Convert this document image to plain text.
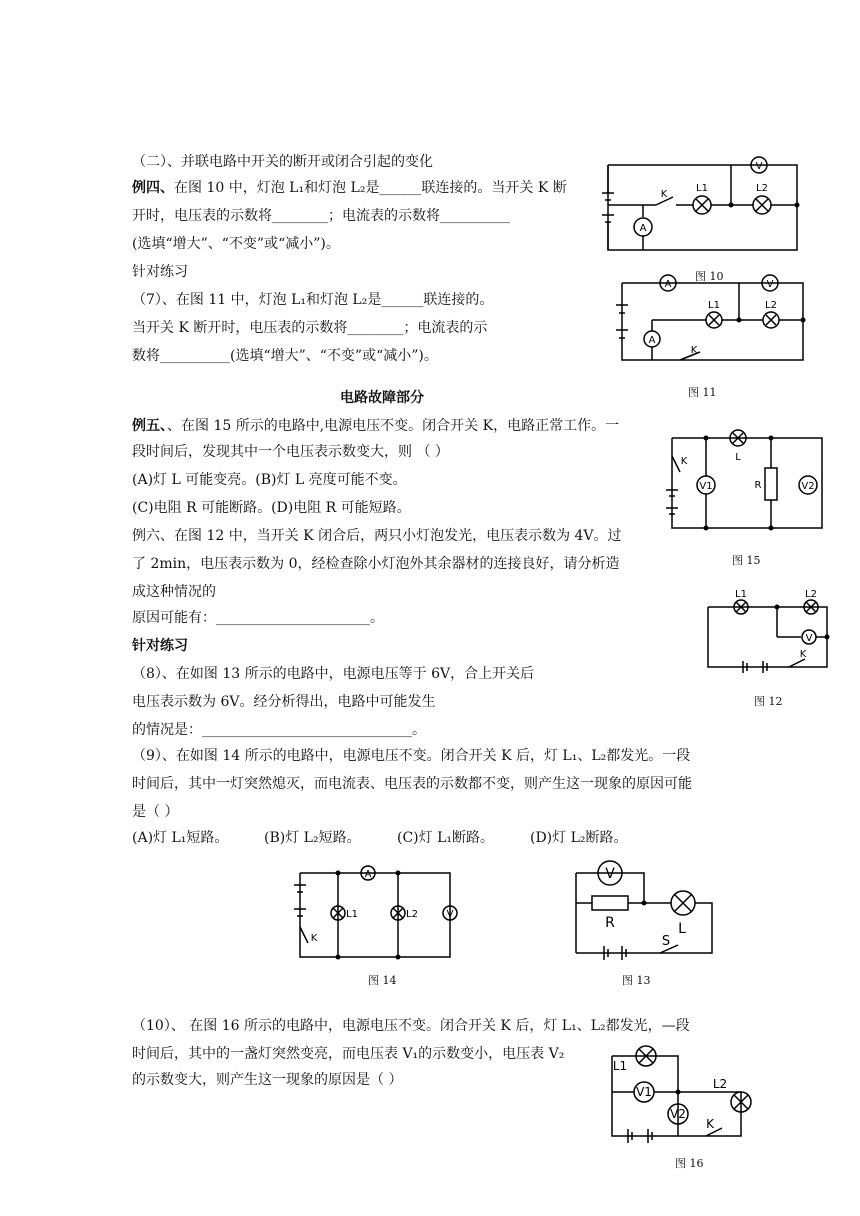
（二）、并联电路中开关的断开或闭合引起的变化
例四、在图 10 中，灯泡 L₁和灯泡 L₂是______联连接的。当开关 K 断
开时，电压表的示数将________；电流表的示数将__________
(选填“增大”、“不变”或“减小”)。
针对练习
（7）、在图 11 中，灯泡 L₁和灯泡 L₂是______联连接的。
当开关 K 断开时，电压表的示数将________；电流表的示
数将__________(选填“增大”、“不变”或“减小”)。
电路故障部分
例五、、在图 15 所示的电路中,电源电压不变。闭合开关 K，电路正常工作。一
段时间后，发现其中一个电压表示数变大，则 （ ）
(A)灯 L 可能变亮。(B)灯 L 亮度可能不变。
(C)电阻 R 可能断路。(D)电阻 R 可能短路。
例六、在图 12 中，当开关 K 闭合后，两只小灯泡发光，电压表示数为 4V。过
了 2min，电压表示数为 0，经检查除小灯泡外其余器材的连接良好，请分析造
成这种情况的
原因可能有：______________________。
针对练习
（8）、在如图 13 所示的电路中，电源电压等于 6V，合上开关后
电压表示数为 6V。经分析得出，电路中可能发生
的情况是：______________________________。
（9）、在如图 14 所示的电路中，电源电压不变。闭合开关 K 后，灯 L₁、L₂都发光。一段
时间后，其中一灯突然熄灭，而电流表、电压表的示数都不变，则产生这一现象的原因可能
是（ ）
(A)灯 L₁短路。	(B)灯 L₂短路。	(C)灯 L₁断路。	(D)灯 L₂断路。
（10）、 在图 16 所示的电路中，电源电压不变。闭合开关 K 后，灯 L₁、L₂都发光，—段
时间后，其中的一盏灯突然变亮，而电压表 V₁的示数变小，电压表 V₂
的示数变大，则产生这一现象的原因是（ ）
V
A
K
L1	L2
图 10
A	V
A
L1	L2
K
图 11
L
K
V1	R	V2
图 15
L1	L2
V
K
图 12
A
L1	L2	V
K
图 14
V
R	L
S
图 13
L1
V1
L2
V2
K
图 16
